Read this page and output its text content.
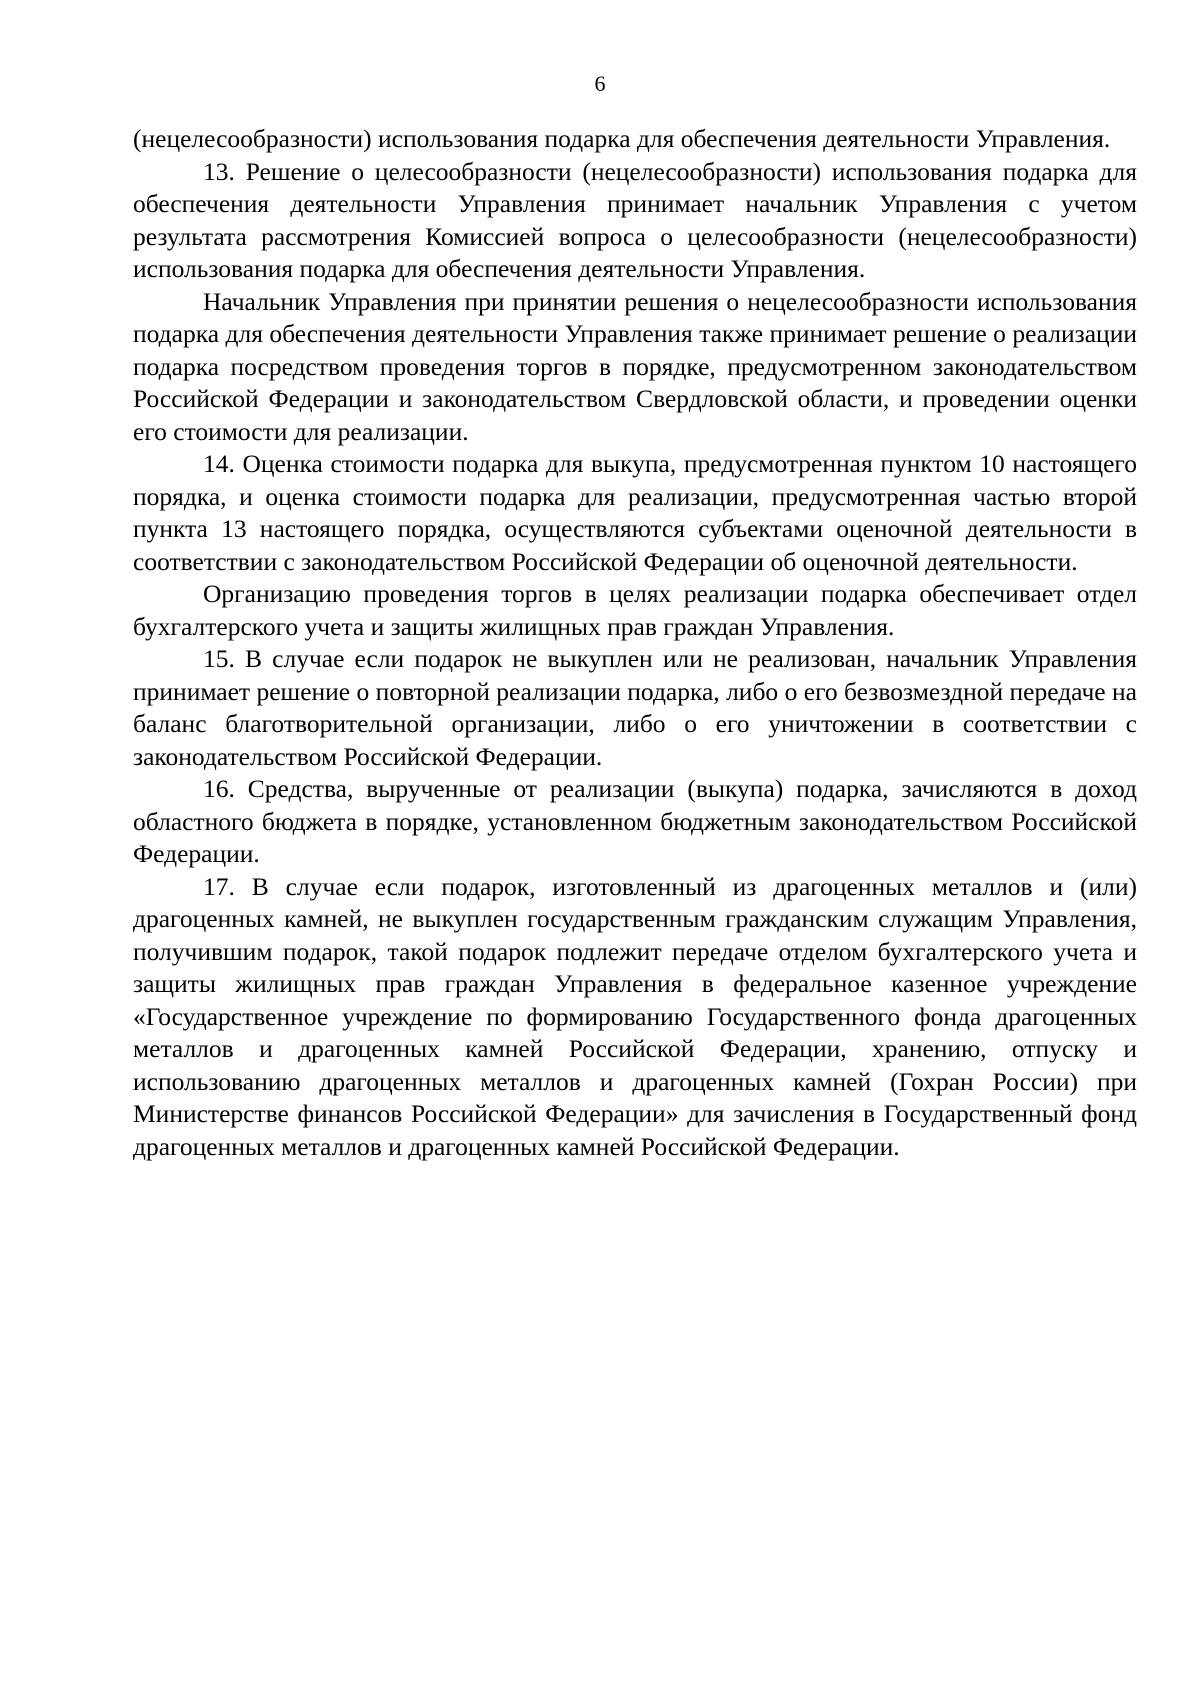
6

(нецелесообразности) использования подарка для обеспечения деятельности Управления.

13. Решение о целесообразности (нецелесообразности) использования подарка для обеспечения деятельности Управления принимает начальник Управления с учетом результата рассмотрения Комиссией вопроса о целесообразности (нецелесообразности) использования подарка для обеспечения деятельности Управления.

Начальник Управления при принятии решения о нецелесообразности использования подарка для обеспечения деятельности Управления также принимает решение о реализации подарка посредством проведения торгов в порядке, предусмотренном законодательством Российской Федерации и законодательством Свердловской области, и проведении оценки его стоимости для реализации.

14. Оценка стоимости подарка для выкупа, предусмотренная пунктом 10 настоящего порядка, и оценка стоимости подарка для реализации, предусмотренная частью второй пункта 13 настоящего порядка, осуществляются субъектами оценочной деятельности в соответствии с законодательством Российской Федерации об оценочной деятельности.

Организацию проведения торгов в целях реализации подарка обеспечивает отдел бухгалтерского учета и защиты жилищных прав граждан Управления.

15. В случае если подарок не выкуплен или не реализован, начальник Управления принимает решение о повторной реализации подарка, либо о его безвозмездной передаче на баланс благотворительной организации, либо о его уничтожении в соответствии с законодательством Российской Федерации.

16. Средства, вырученные от реализации (выкупа) подарка, зачисляются в доход областного бюджета в порядке, установленном бюджетным законодательством Российской Федерации.

17. В случае если подарок, изготовленный из драгоценных металлов и (или) драгоценных камней, не выкуплен государственным гражданским служащим Управления, получившим подарок, такой подарок подлежит передаче отделом бухгалтерского учета и защиты жилищных прав граждан Управления в федеральное казенное учреждение «Государственное учреждение по формированию Государственного фонда драгоценных металлов и драгоценных камней Российской Федерации, хранению, отпуску и использованию драгоценных металлов и драгоценных камней (Гохран России) при Министерстве финансов Российской Федерации» для зачисления в Государственный фонд драгоценных металлов и драгоценных камней Российской Федерации.
